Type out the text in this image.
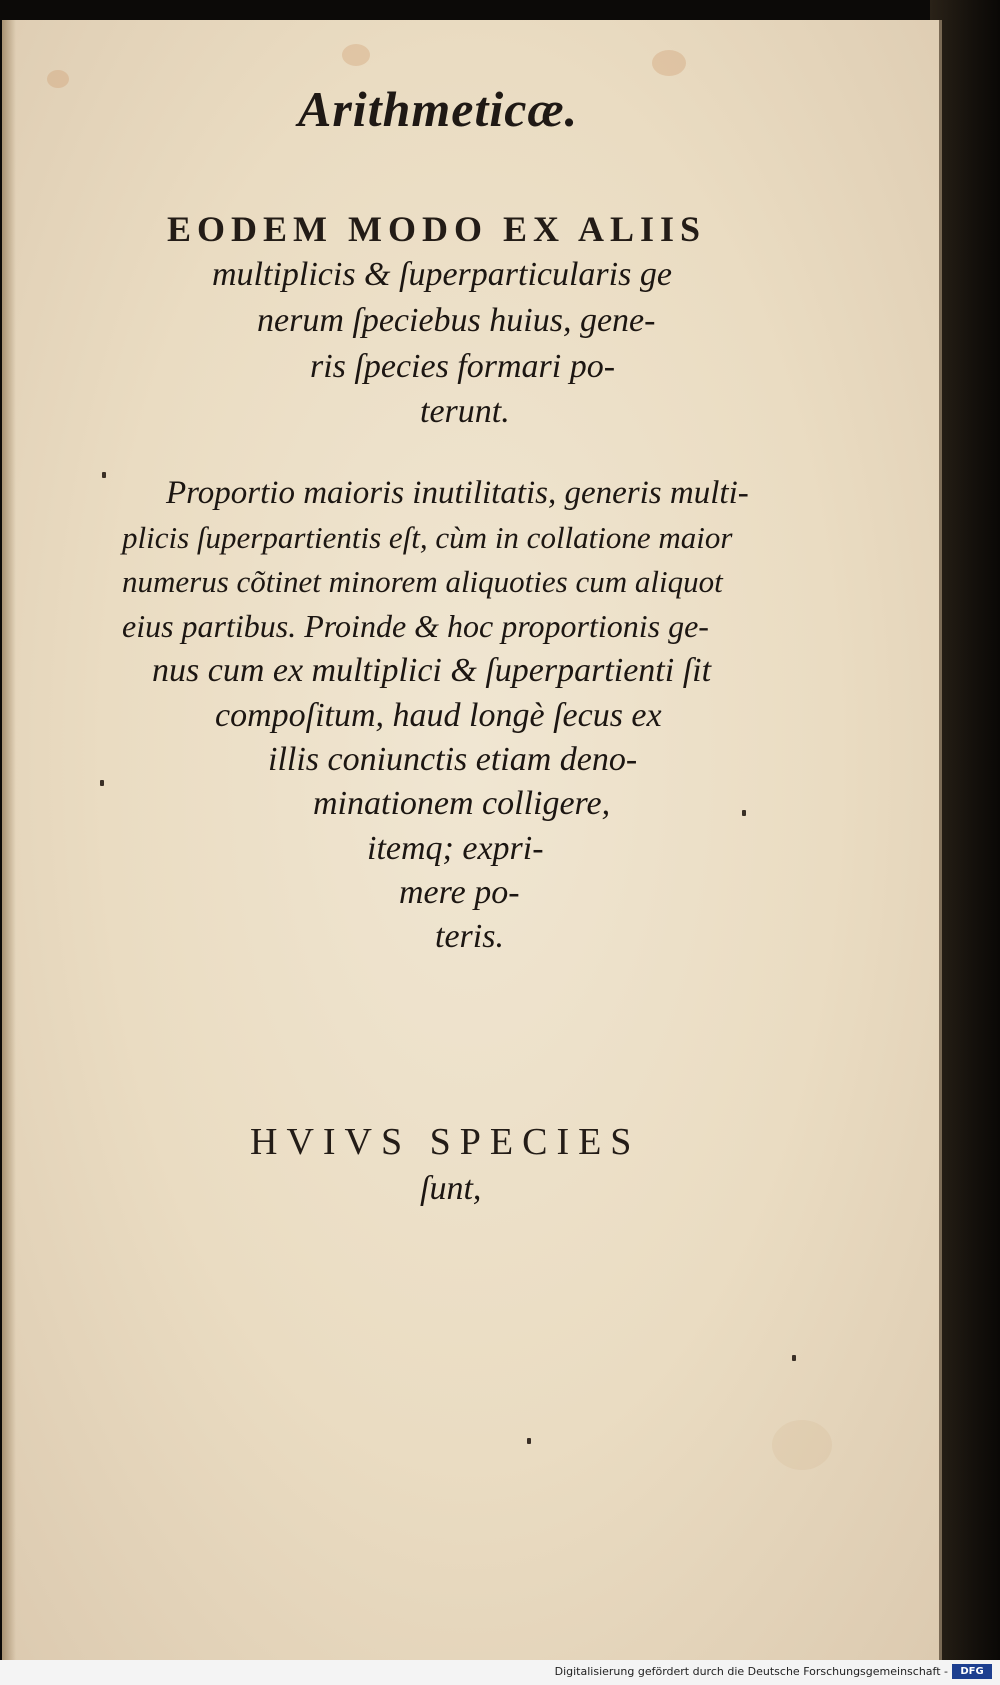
Arithmeticæ.
EODEM MODO EX ALIIS
multiplicis & ſuperparticularis ge
nerum ſpeciebus huius, gene-
ris ſpecies formari po-
terunt.
Proportio maioris inutilitatis, generis multi-
plicis ſuperpartientis eſt, cùm in collatione maior
numerus cõtinet minorem aliquoties cum aliquot
eius partibus. Proinde & hoc proportionis ge-
nus cum ex multiplici & ſuperpartienti ſit
compoſitum, haud longè ſecus ex
illis coniunctis etiam deno-
minationem colligere,
itemq; expri-
mere po-
teris.
HVIVS SPECIES
ſunt,
Digitalisierung gefördert durch die Deutsche Forschungsgemeinschaft -	DFG
